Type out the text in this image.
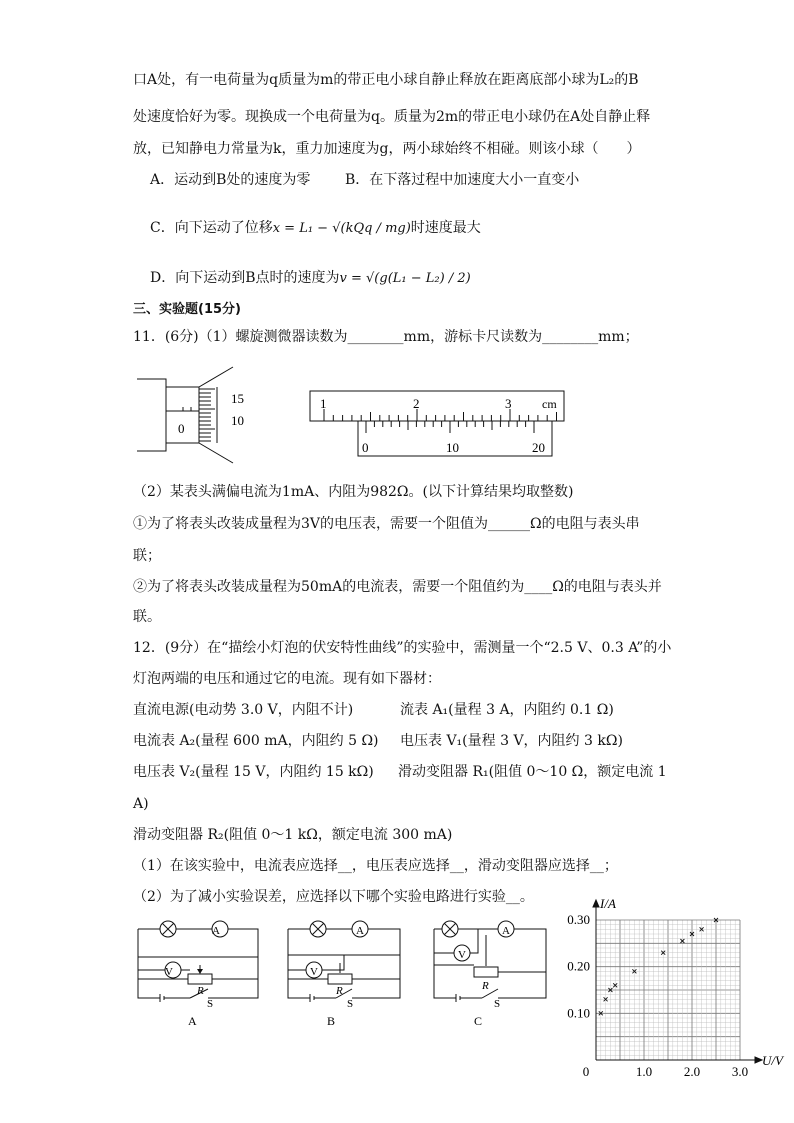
口A处，有一电荷量为q质量为m的带正电小球自静止释放在距离底部小球为L₂的B
处速度恰好为零。现换成一个电荷量为q。质量为2m的带正电小球仍在A处自静止释
放，已知静电力常量为k，重力加速度为g，两小球始终不相碰。则该小球（　　）
A．运动到B处的速度为零 B．在下落过程中加速度大小一直变小
C．向下运动了位移x = L₁ − √(kQq / mg)时速度最大
D．向下运动到B点时的速度为v = √(g(L₁ − L₂) / 2)
三、实验题(15分)
11．(6分)（1）螺旋测微器读数为________mm，游标卡尺读数为________mm；
15
10
0
1	2	3	cm
0	10	20
（2）某表头满偏电流为1mA、内阻为982Ω。(以下计算结果均取整数)
①为了将表头改装成量程为3V的电压表，需要一个阻值为______Ω的电阻与表头串
联；
②为了将表头改装成量程为50mA的电流表，需要一个阻值约为____Ω的电阻与表头并
联。
12．(9分）在“描绘小灯泡的伏安特性曲线”的实验中，需测量一个“2.5 V、0.3 A”的小
灯泡两端的电压和通过它的电流。现有如下器材：
直流电源(电动势 3.0 V，内阻不计)	流表 A₁(量程 3 A，内阻约 0.1 Ω)
电流表 A₂(量程 600 mA，内阻约 5 Ω) 电压表 V₁(量程 3 V，内阻约 3 kΩ)
电压表 V₂(量程 15 V，内阻约 15 kΩ) 滑动变阻器 R₁(阻值 0～10 Ω，额定电流 1
A)
滑动变阻器 R₂(阻值 0～1 kΩ，额定电流 300 mA)
（1）在该实验中，电流表应选择__，电压表应选择__，滑动变阻器应选择__；
（2）为了减小实验误差，应选择以下哪个实验电路进行实验__。
A
V
R
S
A
A
V
R
S
B
A
V
R
S
C
0	1.0 2.0 3.0
0.10
0.20
0.30
U/V
I/A
